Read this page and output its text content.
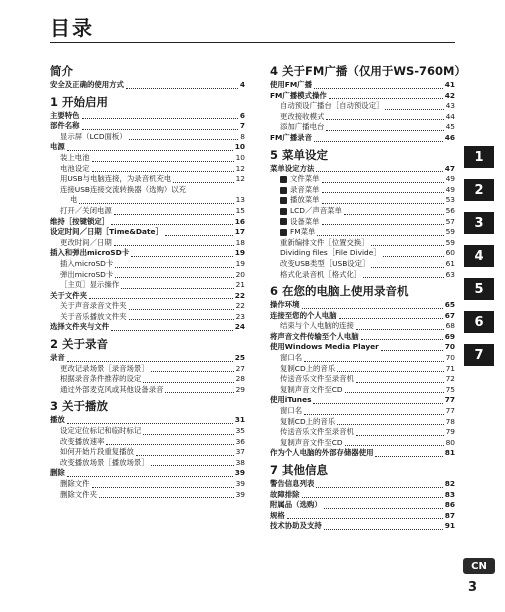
目录
简介
安全及正确的使用方式	4
1 开始启用
主要特色	6
部件名称	7
显示屏（LCD面板）	8
电源	10
装上电池	10
电池设定	12
用USB与电脑连接，为录音机充电	12
连接USB连接交流转换器（选购）以充
电	13
打开／关闭电源	15
维持［按键锁定］	16
设定时间／日期［Time&Date］	17
更改时间／日期	18
插入和弹出microSD卡	19
插入microSD卡	19
弹出microSD卡	20
［主页］显示操作	21
关于文件夹	22
关于声音录音文件夹	22
关于音乐播放文件夹	23
选择文件夹与文件	24
2 关于录音
录音	25
更改记录场景［录音场景］	27
根据录音条件推荐的设定	28
通过外部麦克风或其他设备录音	29
3 关于播放
播放	31
设定定位标记和临时标记	35
改变播放速率	36
如何开始片段重复播放	37
改变播放场景［播放场景］	38
删除	39
删除文件	39
删除文件夹	39
4 关于FM广播（仅用于WS-760M）
使用FM广播	41
FM广播模式操作	42
自动预设广播台［自动预设定］	43
更改接收模式	44
添加广播电台	45
FM广播录音	46
5 菜单设定
菜单设定方法	47
文件菜单	49
录音菜单	49
播放菜单	53
LCD／声音菜单	56
设备菜单	57
FM菜单	59
重新编排文件［位置交换］	59
Dividing files［File Divide］	60
改变USB类型［USB设定］	61
格式化录音机［格式化］	63
6 在您的电脑上使用录音机
操作环境	65
连接至您的个人电脑	67
结束与个人电脑的连接	68
将声音文件传输至个人电脑	69
使用Windows Media Player	70
窗口名	70
复制CD上的音乐	71
传送音乐文件至录音机	72
复制声音文件至CD	75
使用iTunes	77
窗口名	77
复制CD上的音乐	78
传送音乐文件至录音机	79
复制声音文件至CD	80
作为个人电脑的外部存储器使用	81
7 其他信息
警告信息列表	82
故障排除	83
附属品（选购）	86
规格	87
技术协助及支持	91
1
2
3
4
5
6
7
CN
3
